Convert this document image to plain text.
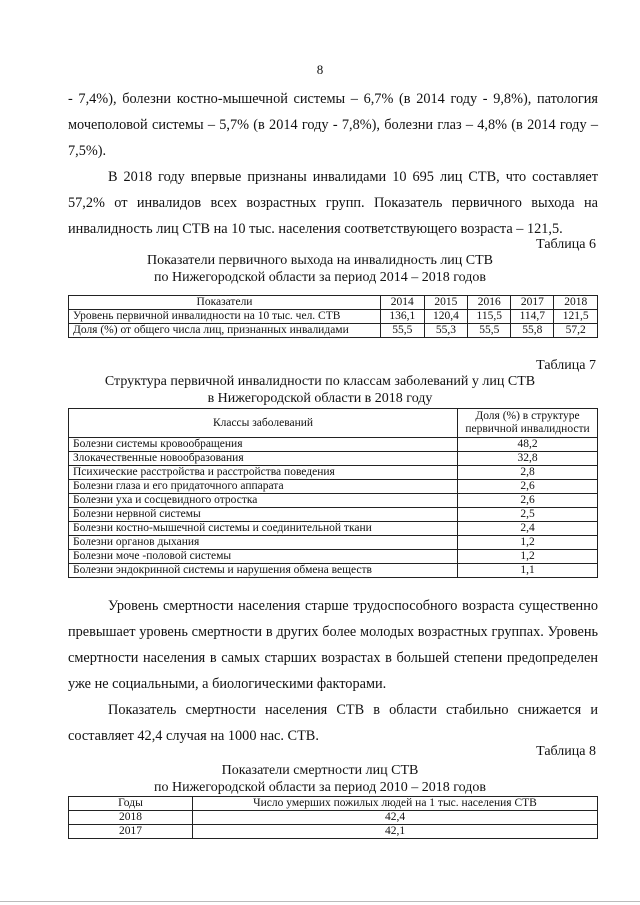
8

- 7,4%), болезни костно-мышечной системы – 6,7% (в 2014 году - 9,8%), патология мочеполовой системы – 5,7% (в 2014 году - 7,8%), болезни глаз – 4,8% (в 2014 году – 7,5%).

В 2018 году впервые признаны инвалидами 10 695 лиц СТВ, что составляет 57,2% от инвалидов всех возрастных групп. Показатель первичного выхода на инвалидность лиц СТВ на 10 тыс. населения соответствующего возраста – 121,5.

Таблица 6
Показатели первичного выхода на инвалидность лиц СТВ
по Нижегородской области за период 2014 – 2018 годов
Показатели	2014	2015	2016	2017	2018
Уровень первичной инвалидности на 10 тыс. чел. СТВ	136,1	120,4	115,5	114,7	121,5
Доля (%) от общего числа лиц, признанных инвалидами	55,5	55,3	55,5	55,8	57,2
Таблица 7
Структура первичной инвалидности по классам заболеваний у лиц СТВ
в Нижегородской области в 2018 году
Классы заболеваний	Доля (%) в структуре первичной инвалидности
Болезни системы кровообращения	48,2
Злокачественные новообразования	32,8
Психические расстройства и расстройства поведения	2,8
Болезни глаза и его придаточного аппарата	2,6
Болезни уха и сосцевидного отростка	2,6
Болезни нервной системы	2,5
Болезни костно-мышечной системы и соединительной ткани	2,4
Болезни органов дыхания	1,2
Болезни моче -половой системы	1,2
Болезни эндокринной системы и нарушения обмена веществ	1,1

Уровень смертности населения старше трудоспособного возраста существенно превышает уровень смертности в других более молодых возрастных группах. Уровень смертности населения в самых старших возрастах в большей степени предопределен уже не социальными, а биологическими факторами.

Показатель смертности населения СТВ в области стабильно снижается и составляет 42,4 случая на 1000 нас. СТВ.

Таблица 8
Показатели смертности лиц СТВ
по Нижегородской области за период 2010 – 2018 годов
Годы	Число умерших пожилых людей на 1 тыс. населения СТВ
2018	42,4
2017	42,1
